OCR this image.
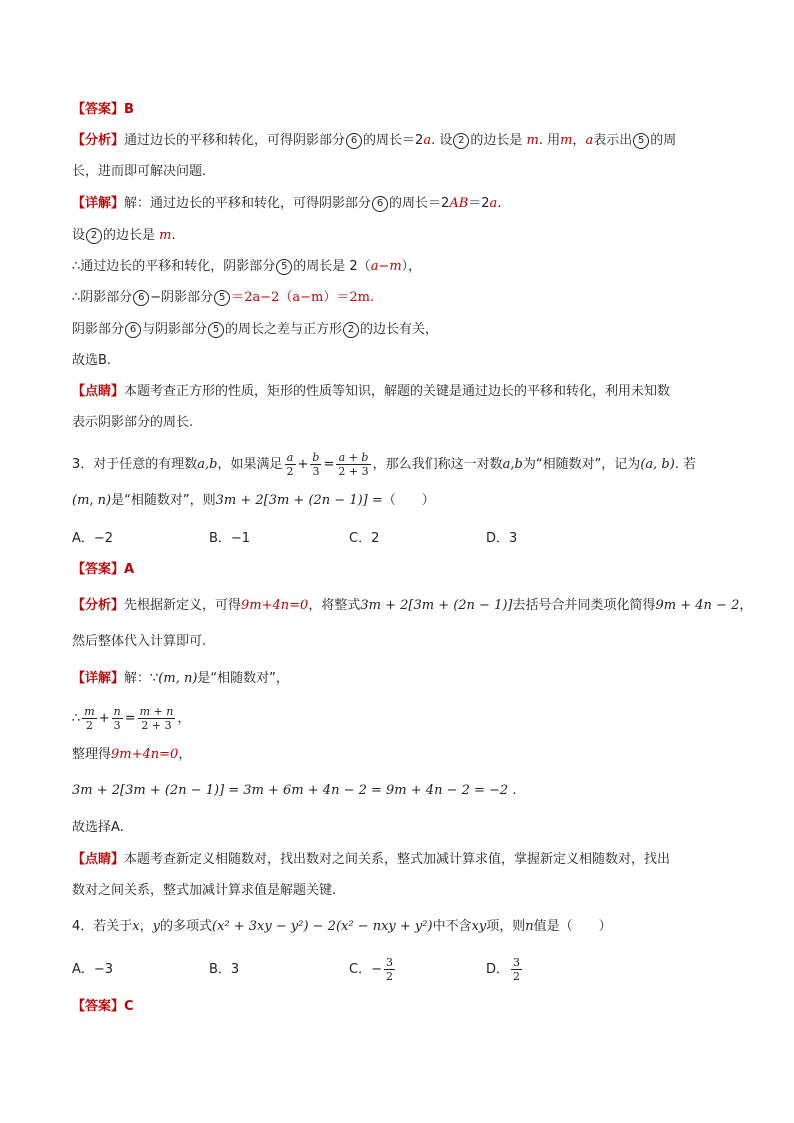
【答案】B
【分析】通过边长的平移和转化，可得阴影部分 6 的周长＝2a. 设 2 的边长是 m. 用m，a表示出 5 的周
长，进而即可解决问题.
【详解】解：通过边长的平移和转化，可得阴影部分 6 的周长＝2AB＝2a.
设 2 的边长是 m.
∴通过边长的平移和转化，阴影部分 5 的周长是 2（a−m），
∴阴影部分 6 −阴影部分 5 ＝2a−2（a−m）＝2m.
阴影部分 6 与阴影部分 5 的周长之差与正方形 2 的边长有关，
故选B.
【点睛】本题考查正方形的性质，矩形的性质等知识，解题的关键是通过边长的平移和转化，利用未知数
表示阴影部分的周长.
3．对于任意的有理数a,b，如果满足 $\frac{a}{2} + \frac{b}{3} = \frac{a + b}{2 + 3}$ ，那么我们称这一对数a,b为“相随数对”，记为(a, b). 若
(m, n)是“相随数对”，则3m + 2[3m + (2n − 1)] =（　　）
A．−2	B．−1	C．2	D．3
【答案】A
【分析】先根据新定义，可得9m+4n=0，将整式3m + 2[3m + (2n − 1)]去括号合并同类项化简得9m + 4n − 2，
然后整体代入计算即可.
【详解】解：∵(m, n)是“相随数对”，
∴ $\frac{m}{2} + \frac{n}{3} = \frac{m + n}{2 + 3}$ ，
整理得9m+4n=0，
3m + 2[3m + (2n − 1)] = 3m + 6m + 4n − 2 = 9m + 4n − 2 = −2 .
故选择A.
【点睛】本题考查新定义相随数对，找出数对之间关系，整式加减计算求值，掌握新定义相随数对，找出
数对之间关系，整式加减计算求值是解题关键.
4．若关于x，y的多项式(x² + 3xy − y²) − 2(x² − nxy + y²)中不含xy项，则n值是（　　）
A．−3	B．3	C．− $\frac{3}{2}$	D． $\frac{3}{2}$
【答案】C
